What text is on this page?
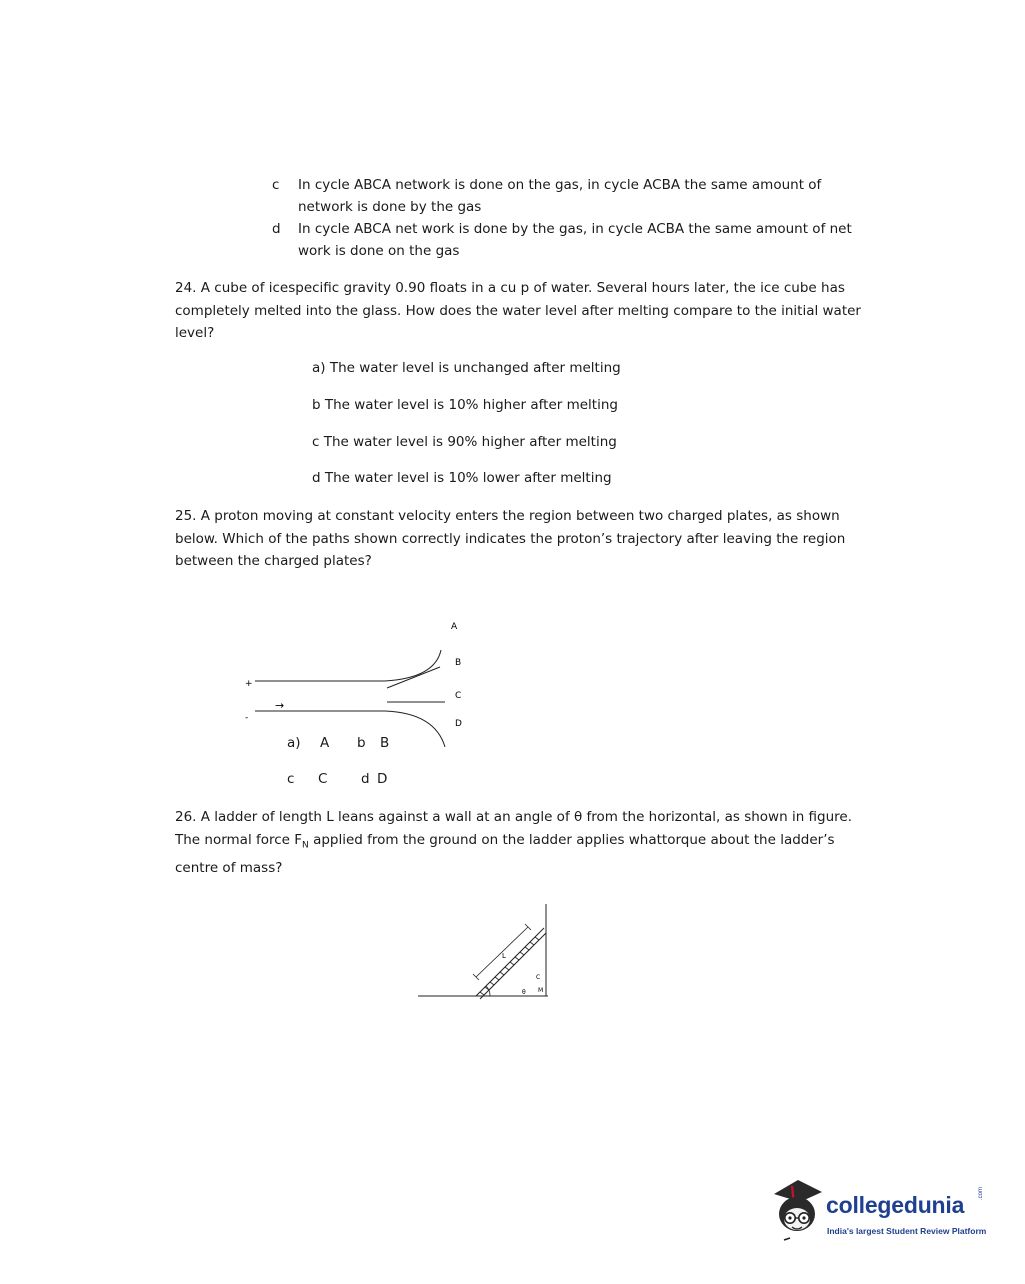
c In cycle ABCA network is done on the gas, in cycle ACBA the same amount of network is done by the gas
d In cycle ABCA net work is done by the gas, in cycle ACBA the same amount of net work is done on the gas
24. A cube of icespecific gravity 0.90 floats in a cu p of water. Several hours later, the ice cube has completely melted into the glass. How does the water level after melting compare to the initial water level?
a) The water level is unchanged after melting
b The water level is 10% higher after melting
c The water level is 90% higher after melting
d The water level is 10% lower after melting
25. A proton moving at constant velocity enters the region between two charged plates, as shown below. Which of the paths shown correctly indicates the proton’s trajectory after leaving the region between the charged plates?
+
-
→
A
B
C
D
a) A b B
c C d D
26. A ladder of length L leans against a wall at an angle of θ from the horizontal, as shown in figure. The normal force $F_N$ applied from the ground on the ladder applies whattorque about the ladder’s centre of mass?
L
θ
C
M
collegedunia .com
India's largest Student Review Platform
